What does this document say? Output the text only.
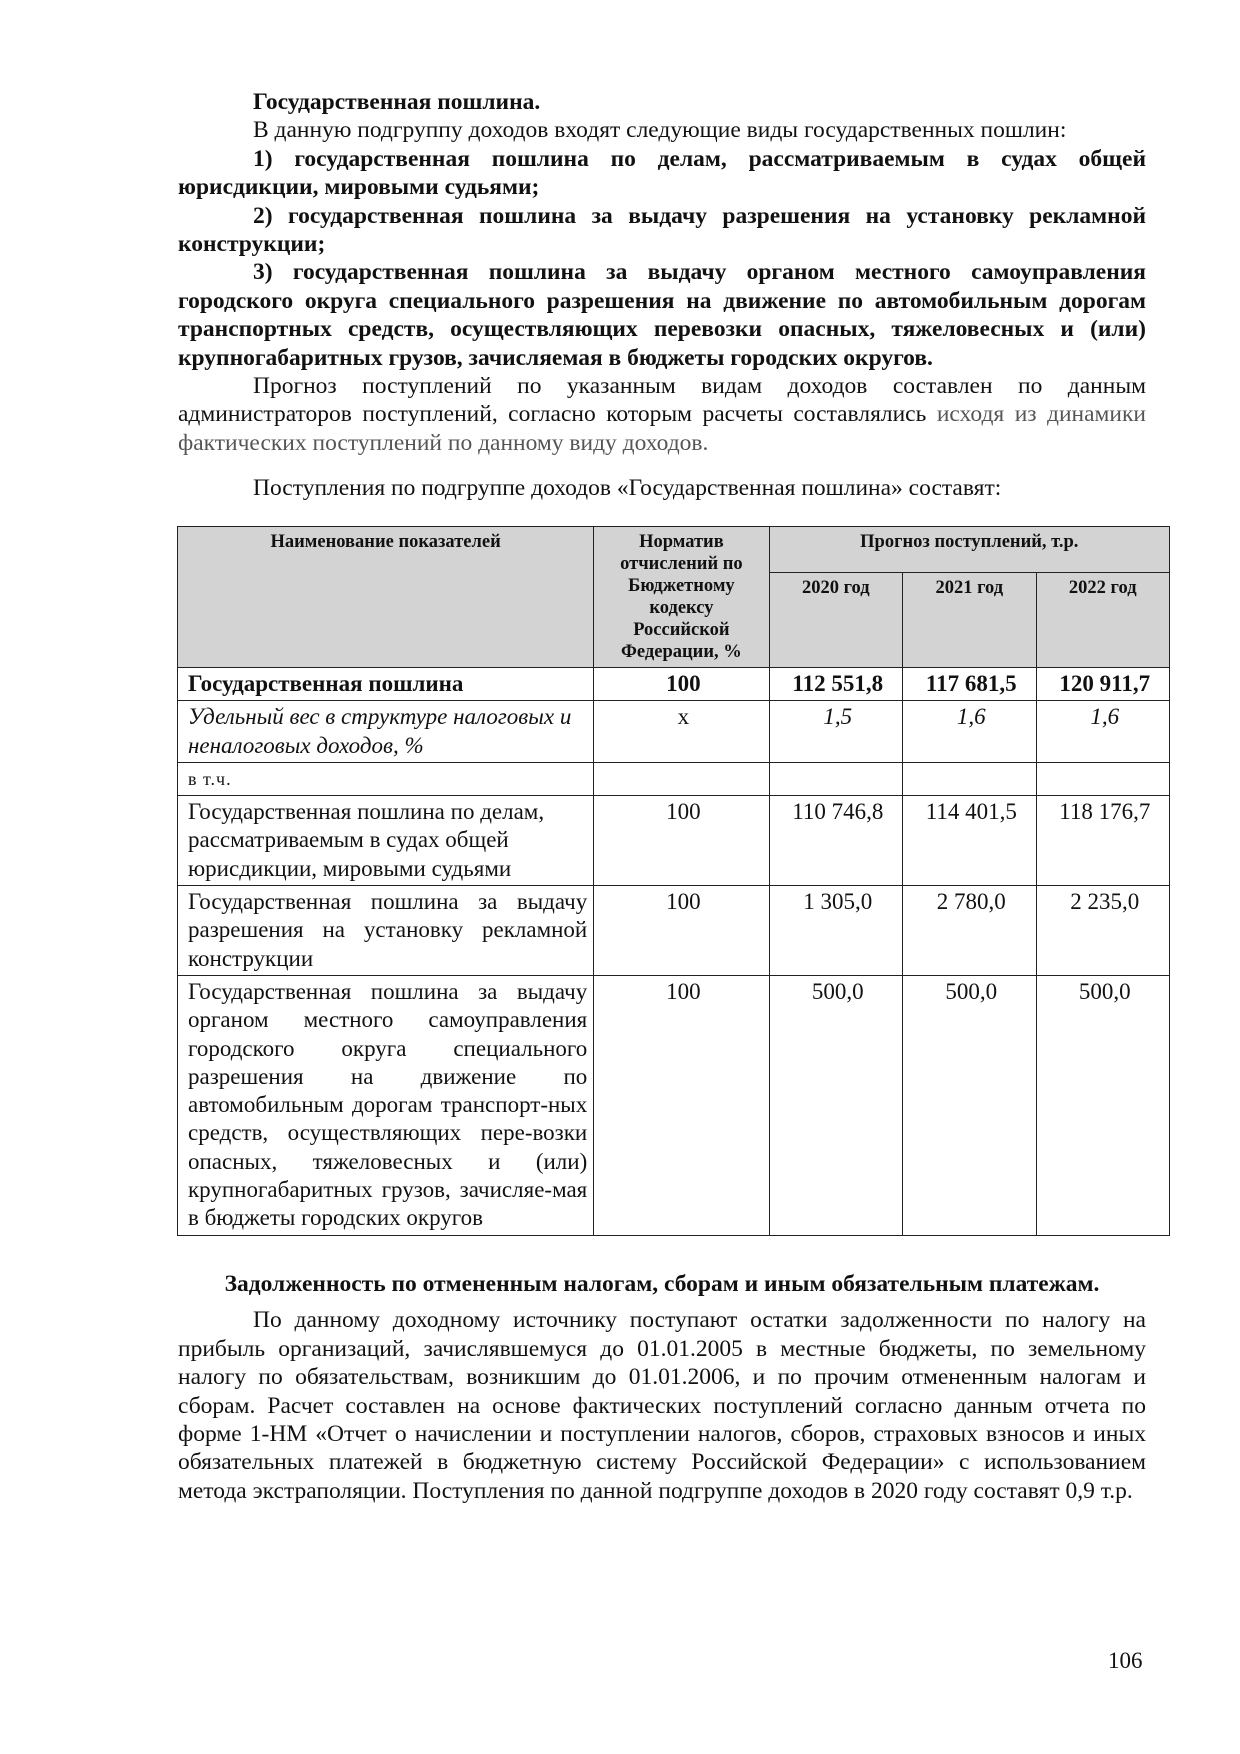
Государственная пошлина.

В данную подгруппу доходов входят следующие виды государственных пошлин:

1) государственная пошлина по делам, рассматриваемым в судах общей юрисдикции, мировыми судьями;

2) государственная пошлина за выдачу разрешения на установку рекламной конструкции;

3) государственная пошлина за выдачу органом местного самоуправления городского округа специального разрешения на движение по автомобильным дорогам транспортных средств, осуществляющих перевозки опасных, тяжеловесных и (или) крупногабаритных грузов, зачисляемая в бюджеты городских округов.

Прогноз поступлений по указанным видам доходов составлен по данным администраторов поступлений, согласно которым расчеты составлялись исходя из динамики фактических поступлений по данному виду доходов.

Поступления по подгруппе доходов «Государственная пошлина» составят:

Наименование показателей	Норматив отчислений по Бюджетному кодексу Российской Федерации, %	Прогноз поступлений, т.р.		
		2020 год	2021 год	2022 год
Государственная пошлина	100	112 551,8	117 681,5	120 911,7
Удельный вес в структуре налоговых и неналоговых доходов, %	х	1,5	1,6	1,6
в т.ч.				
Государственная пошлина по делам, рассматриваемым в судах общей юрисдикции, мировыми судьями	100	110 746,8	114 401,5	118 176,7
Государственная пошлина за выдачу разрешения на установку рекламной конструкции	100	1 305,0	2 780,0	2 235,0
Государственная пошлина за выдачу органом местного самоуправления городского округа специального разрешения на движение по автомобильным дорогам транспорт-ных средств, осуществляющих пере-возки опасных, тяжеловесных и (или) крупногабаритных грузов, зачисляе-мая в бюджеты городских округов	100	500,0	500,0	500,0

Задолженность по отмененным налогам, сборам и иным обязательным платежам.

По данному доходному источнику поступают остатки задолженности по налогу на прибыль организаций, зачислявшемуся до 01.01.2005 в местные бюджеты, по земельному налогу по обязательствам, возникшим до 01.01.2006, и по прочим отмененным налогам и сборам. Расчет составлен на основе фактических поступлений согласно данным отчета по форме 1-НМ «Отчет о начислении и поступлении налогов, сборов, страховых взносов и иных обязательных платежей в бюджетную систему Российской Федерации» с использованием метода экстраполяции. Поступления по данной подгруппе доходов в 2020 году составят 0,9 т.р.

106
